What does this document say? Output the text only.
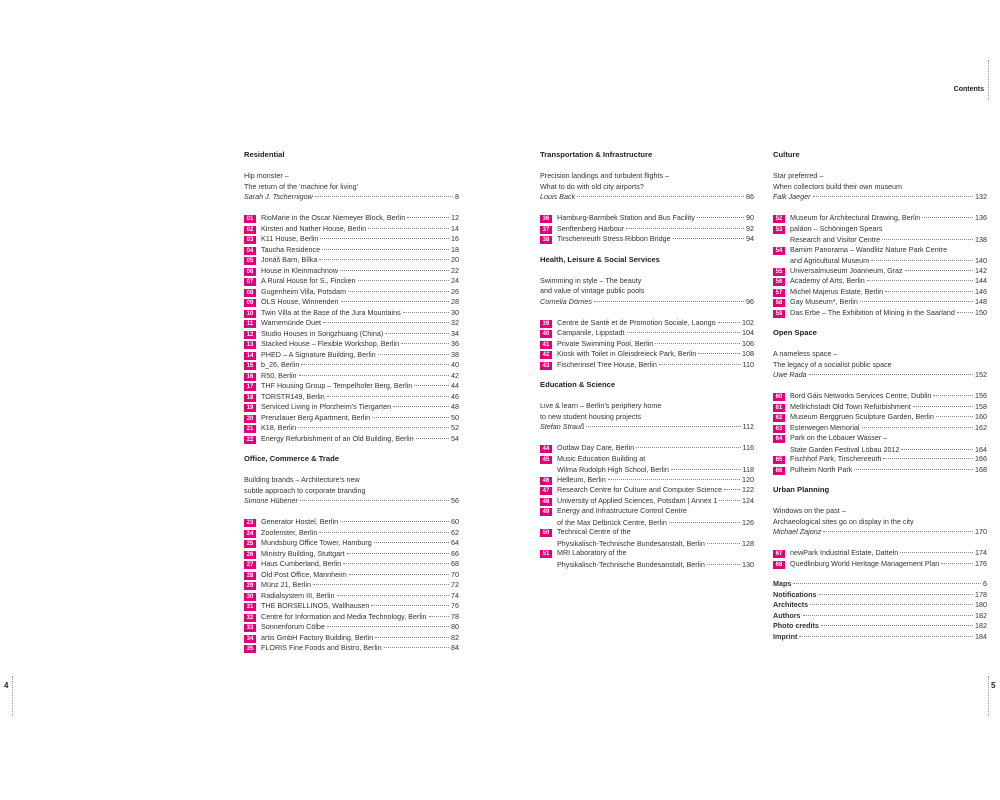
Contents
4	5
Residential
Hip monster –
The return of the ‘machine for living’
Sarah J. Tschernigow	8
01	RioMarie in the Oscar Niemeyer Block, Berlin	12
02	Kirsten and Nather House, Berlin	14
03	K11 House, Berlin	16
04	Taucha Residence	18
05	Jonáš Barn, Bílka	20
06	House in Kleinmachnow	22
07	A Rural House for S., Fincken	24
08	Gugenheim Villa, Potsdam	26
09	OLS House, Winnenden	28
10	Twin Villa at the Base of the Jura Mountains	30
11	Warnemünde Duet	32
12	Studio Houses in Songzhuang (China)	34
13	Stacked House – Flexible Workshop, Berlin	36
14	PHED – A Signature Building, Berlin	38
15	b_26, Berlin	40
16	R50, Berlin	42
17	THF Housing Group – Tempelhofer Berg, Berlin	44
18	TORSTR149, Berlin	46
19	Serviced Living in Pforzheim’s Tiergarten	48
20	Prenzlauer Berg Apartment, Berlin	50
21	K18, Berlin	52
22	Energy Refurbishment of an Old Building, Berlin	54
Office, Commerce & Trade
Building brands – Architecture’s new
subtle approach to corporate branding
Simone Hübener	56
23	Generator Hostel, Berlin	60
24	Zoofenster, Berlin	62
25	Mundsburg Office Tower, Hamburg	64
26	Ministry Building, Stuttgart	66
27	Haus Cumberland, Berlin	68
28	Old Post Office, Mannheim	70
29	Münz 21, Berlin	72
30	Radialsystem III, Berlin	74
31	THE BORSELLINOS, Wallhausen	76
32	Centre for Information and Media Technology, Berlin	78
33	Sonnenforum Cölbe	80
34	artis GmbH Factory Building, Berlin	82
35	FLORIS Fine Foods and Bistro, Berlin	84
Transportation & Infrastructure
Precision landings and turbulent flights –
What to do with old city airports?
Louis Back	86
36	Hamburg-Barmbek Station and Bus Facility	90
37	Senftenberg Harbour	92
38	Tirschenreuth Stress Ribbon Bridge	94
Health, Leisure & Social Services
Swimming in style – The beauty
and value of vintage public pools
Cornelia Dörries	96
39	Centre de Santé et de Promotion Sociale, Laongo	102
40	Campanile, Lippstadt	104
41	Private Swimming Pool, Berlin	106
42	Kiosk with Toilet in Gleisdreieck Park, Berlin	108
43	Fischerinsel Tree House, Berlin	110
Education & Science
Live & learn – Berlin’s periphery home
to new student housing projects
Stefan Strauß	112
44	Outlaw Day Care, Berlin	116
45	Music Education Building at
Wilma Rudolph High School, Berlin	118
46	Helleum, Berlin	120
47	Research Centre for Culture and Computer Science	122
48	University of Applied Sciences, Potsdam | Annex 1	124
49	Energy and Infrastructure Control Centre
of the Max Delbrück Centre, Berlin	126
50	Technical Centre of the
Physikalisch-Technische Bundesanstalt, Berlin	128
51	MRI Laboratory of the
Physikalisch-Technische Bundesanstalt, Berlin	130
Culture
Star preferred –
When collectors build their own museum
Falk Jaeger	132
52	Museum for Architectural Drawing, Berlin	136
53	paläon – Schöningen Spears
Research and Visitor Centre	138
54	Barnim Panorama – Wandlitz Nature Park Centre
and Agricultural Museum	140
55	Universalmuseum Joanneum, Graz	142
56	Academy of Arts, Berlin	144
57	Michel Majerus Estate, Berlin	146
58	Gay Museum*, Berlin	148
59	Das Erbe – The Exhibition of Mining in the Saarland	150
Open Space
A nameless space –
The legacy of a socialist public space
Uwe Rada	152
60	Bord Gáis Networks Services Centre, Dublin	156
61	Mellrichstadt Old Town Refurbishment	158
62	Museum Berggruen Sculpture Garden, Berlin	160
63	Esterwegen Memorial	162
64	Park on the Löbauer Wasser –
State Garden Festival Löbau 2012	164
65	Fischhof Park, Tirschenreuth	166
66	Pulheim North Park	168
Urban Planning
Windows on the past –
Archaeological sites go on display in the city
Michael Zajonz	170
67	newPark Industrial Estate, Datteln	174
68	Quedlinburg World Heritage Management Plan	176
Maps	6
Notifications	178
Architects	180
Authors	182
Photo credits	182
Imprint	184
